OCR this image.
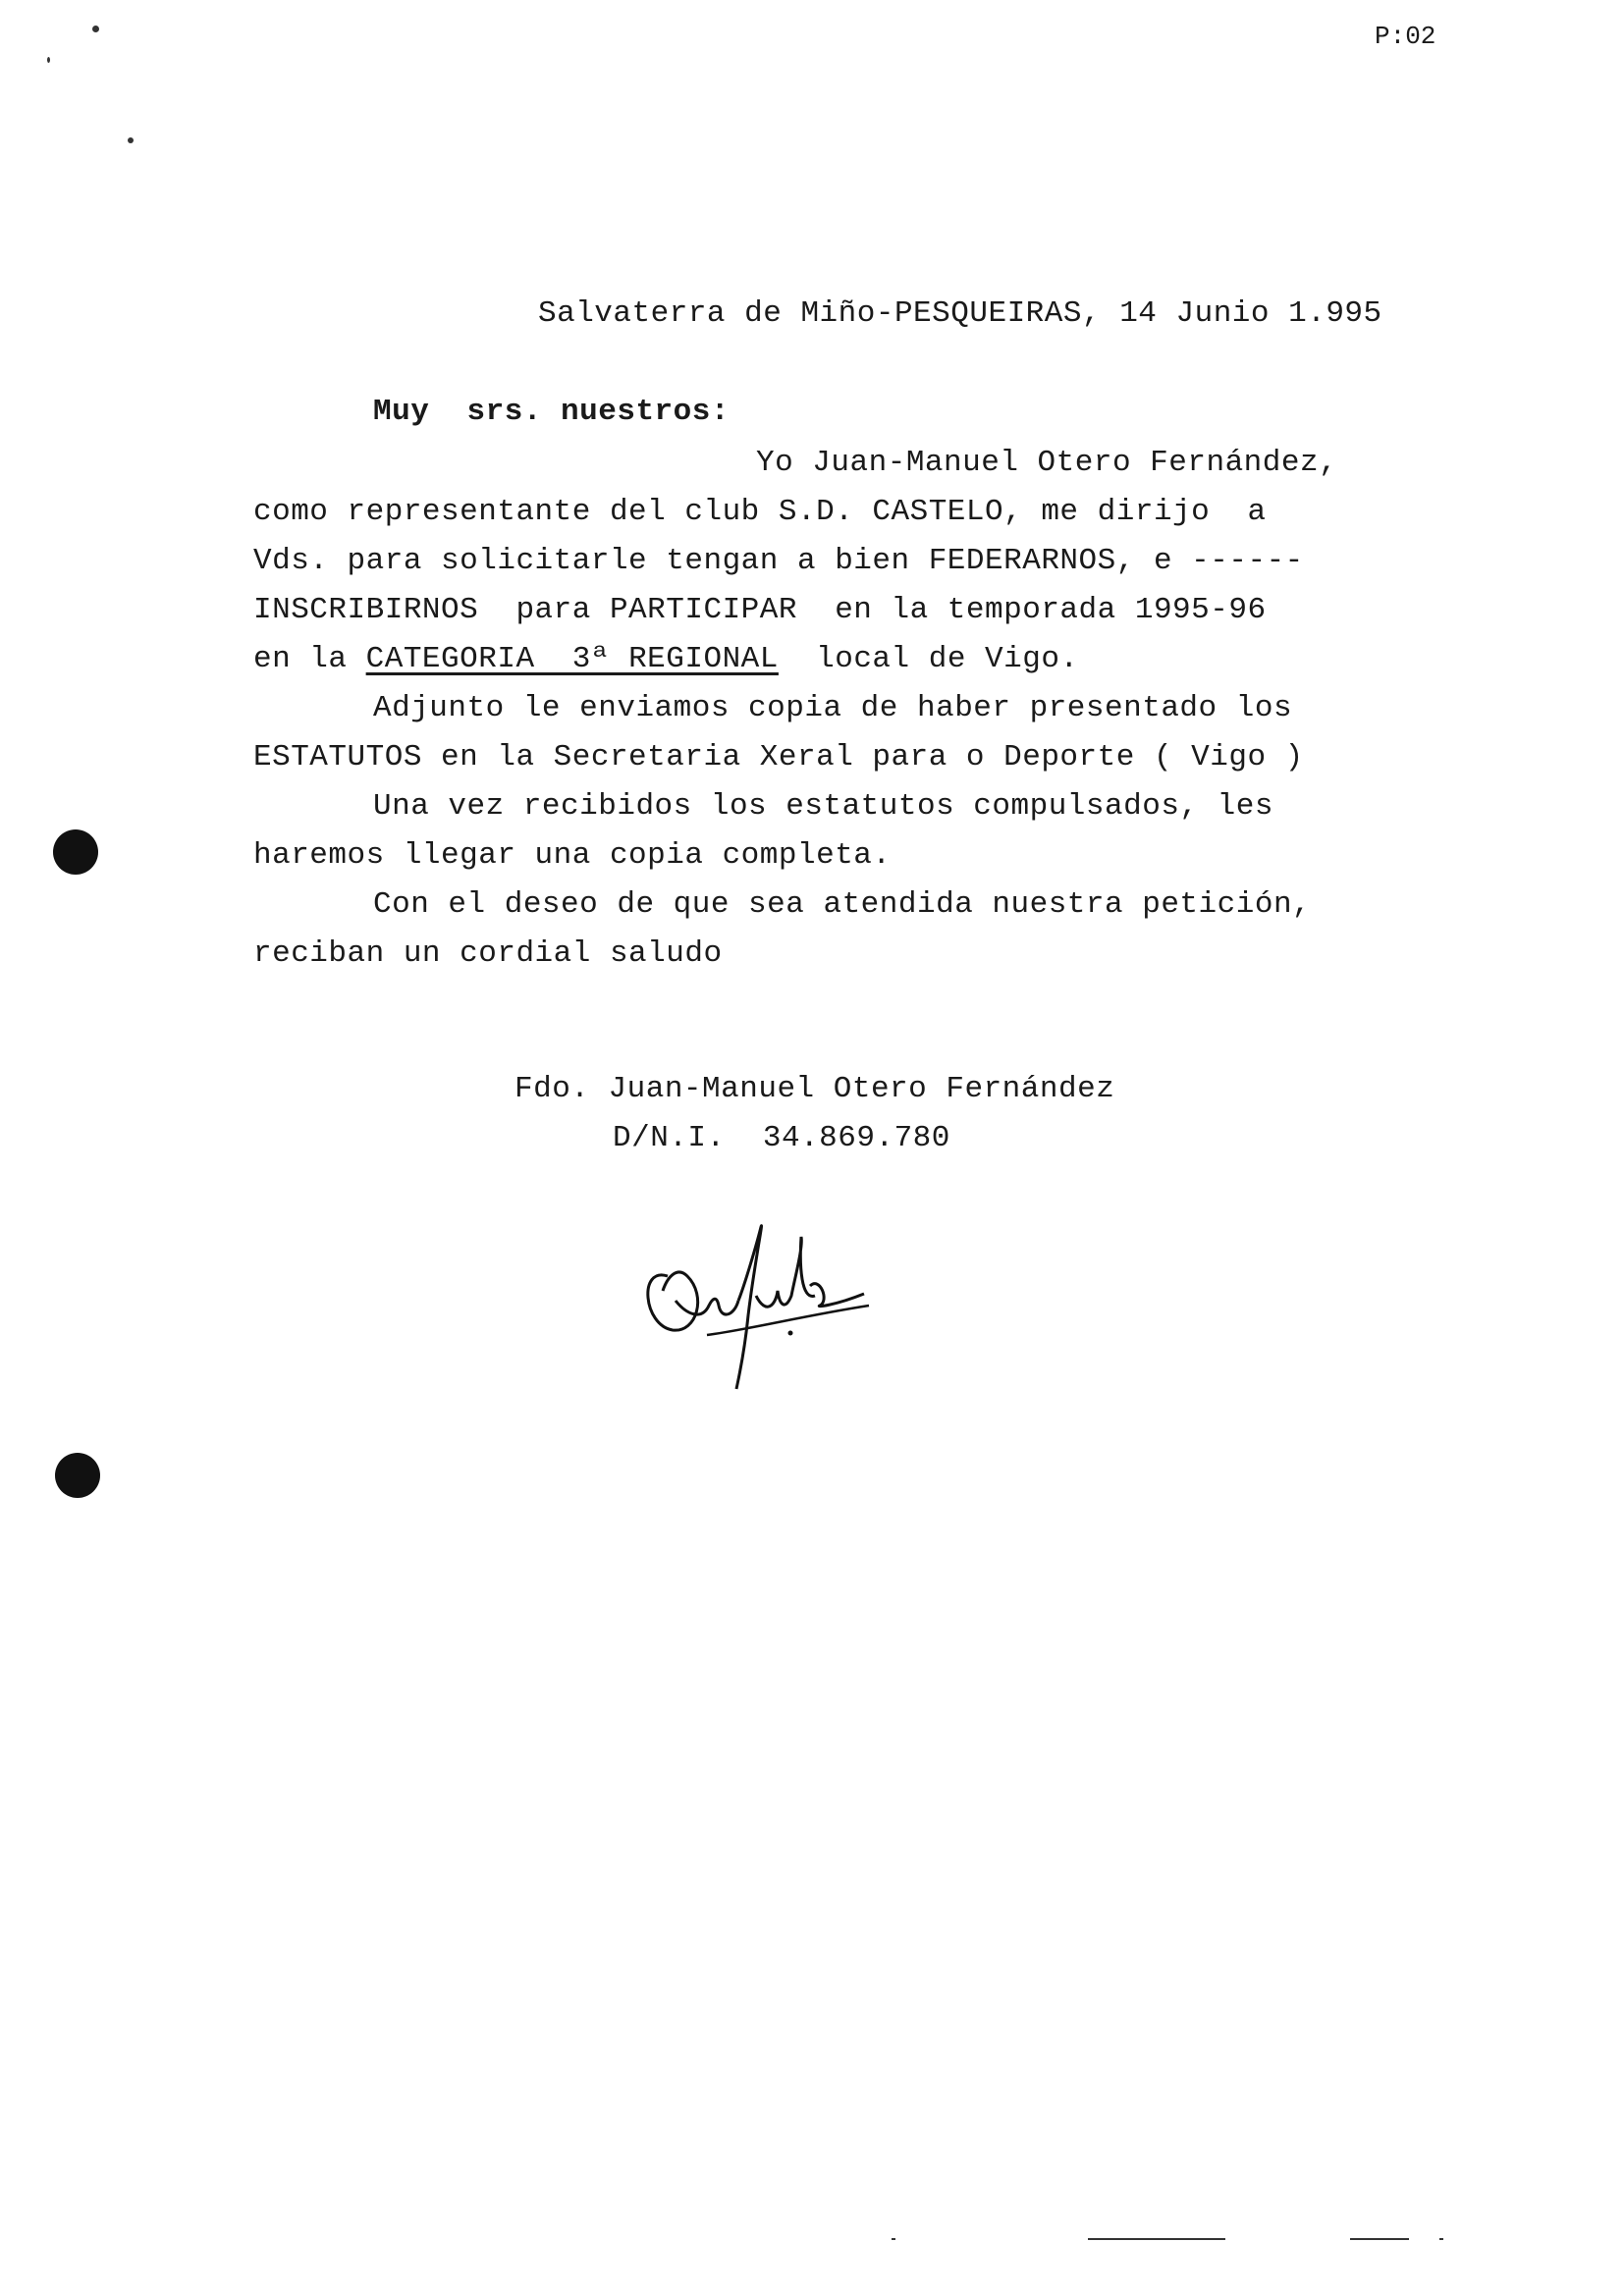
P:02
Salvaterra de Miño-PESQUEIRAS, 14 Junio 1.995
Muy  srs. nuestros:
Yo Juan-Manuel Otero Fernández,
como representante del club S.D. CASTELO, me dirijo  a
Vds. para solicitarle tengan a bien FEDERARNOS, e ------
INSCRIBIRNOS  para PARTICIPAR  en la temporada 1995-96
en la CATEGORIA  3ª REGIONAL  local de Vigo.
Adjunto le enviamos copia de haber presentado los
ESTATUTOS en la Secretaria Xeral para o Deporte ( Vigo )
Una vez recibidos los estatutos compulsados, les
haremos llegar una copia completa.
Con el deseo de que sea atendida nuestra petición,
reciban un cordial saludo
Fdo. Juan-Manuel Otero Fernández
D/N.I. 34.869.780
